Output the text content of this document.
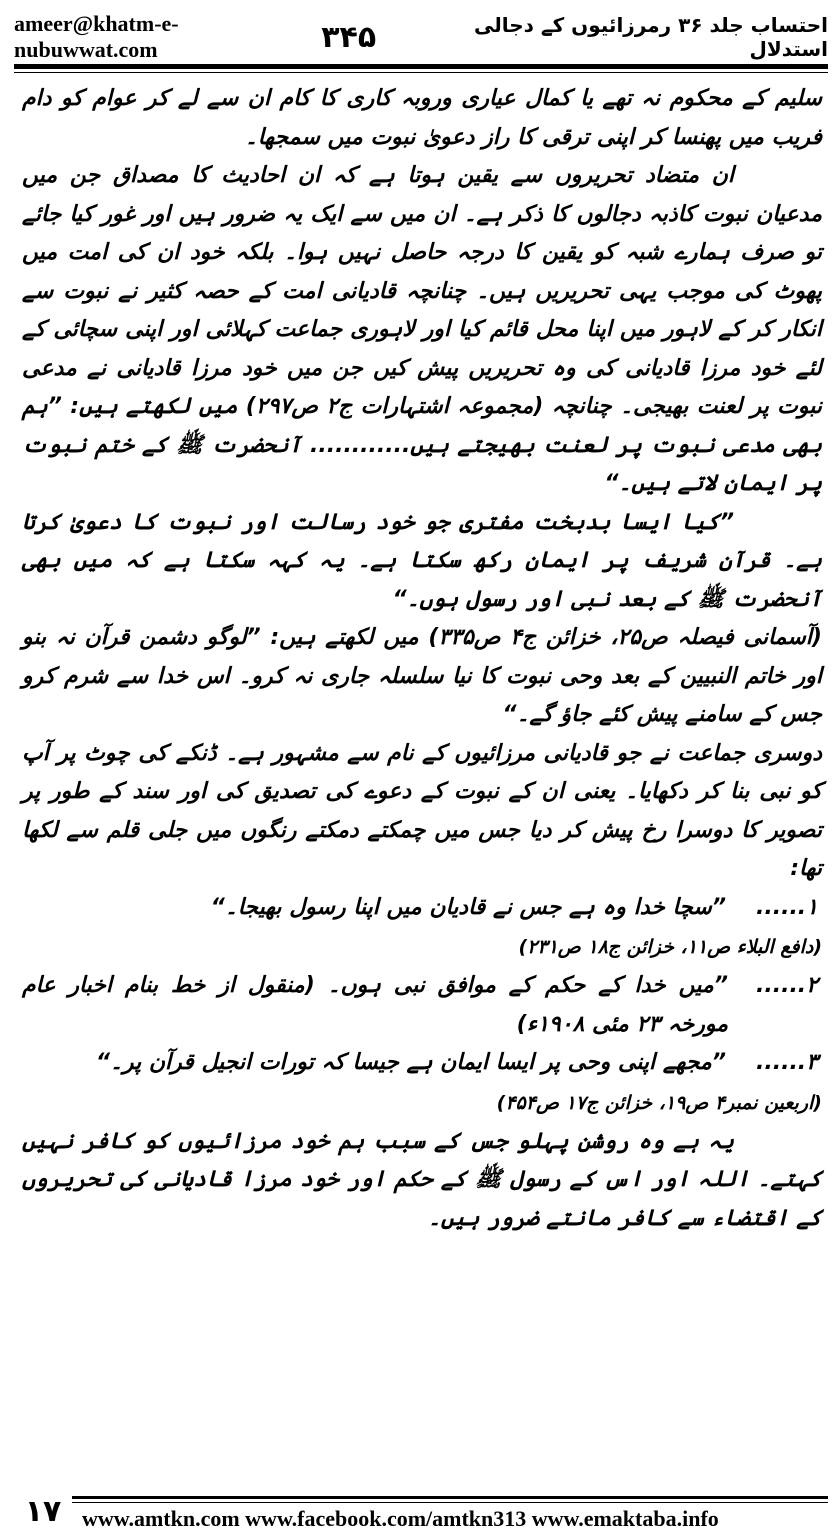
ameer@khatm-e-nubuwwat.com
احتساب جلد ۳۶ رمرزائیوں کے دجالی استدلال
۳۴۵

سلیم کے محکوم نہ تھے یا کمال عیاری وروبہ کاری کا کام ان سے لے کر عوام کو دام فریب میں پھنسا کر اپنی ترقی کا راز دعویٰ نبوت میں سمجھا۔

ان متضاد تحریروں سے یقین ہوتا ہے کہ ان احادیث کا مصداق جن میں مدعیان نبوت کاذبہ دجالوں کا ذکر ہے۔ ان میں سے ایک یہ ضرور ہیں اور غور کیا جائے تو صرف ہمارے شبہ کو یقین کا درجہ حاصل نہیں ہوا۔ بلکہ خود ان کی امت میں پھوٹ کی موجب یہی تحریریں ہیں۔ چنانچہ قادیانی امت کے حصہ کثیر نے نبوت سے انکار کر کے لاہور میں اپنا محل قائم کیا اور لاہوری جماعت کہلائی اور اپنی سچائی کے لئے خود مرزا قادیانی کی وہ تحریریں پیش کیں جن میں خود مرزا قادیانی نے مدعی نبوت پر لعنت بھیجی۔ چنانچہ (مجموعہ اشتہارات ج۲ ص۲۹۷) میں لکھتے ہیں: ”ہم بھی مدعی نبوت پر لعنت بھیجتے ہیں............ آنحضرت ﷺ کے ختم نبوت پر ایمان لاتے ہیں۔“

”کیا ایسا بدبخت مفتری جو خود رسالت اور نبوت کا دعویٰ کرتا ہے۔ قرآن شریف پر ایمان رکھ سکتا ہے۔ یہ کہہ سکتا ہے کہ میں بھی آنحضرت ﷺ کے بعد نبی اور رسول ہوں۔“

(آسمانی فیصلہ ص۲۵، خزائن ج۴ ص۳۳۵) میں لکھتے ہیں: ”لوگو دشمن قرآن نہ بنو اور خاتم النبیین کے بعد وحی نبوت کا نیا سلسلہ جاری نہ کرو۔ اس خدا سے شرم کرو جس کے سامنے پیش کئے جاؤ گے۔“

دوسری جماعت نے جو قادیانی مرزائیوں کے نام سے مشہور ہے۔ ڈنکے کی چوٹ پر آپ کو نبی بنا کر دکھایا۔ یعنی ان کے نبوت کے دعوے کی تصدیق کی اور سند کے طور پر تصویر کا دوسرا رخ پیش کر دیا جس میں چمکتے دمکتے رنگوں میں جلی قلم سے لکھا تھا:

۱......
”سچا خدا وہ ہے جس نے قادیان میں اپنا رسول بھیجا۔“

(دافع البلاء ص۱۱، خزائن ج۱۸ ص۲۳۱)

۲......
”میں خدا کے حکم کے موافق نبی ہوں۔ (منقول از خط بنام اخبار عام مورخہ ۲۳ مئی ۱۹۰۸ء)
۳......
”مجھے اپنی وحی پر ایسا ایمان ہے جیسا کہ تورات انجیل قرآن پر۔“

(اربعین نمبر۴ ص۱۹، خزائن ج۱۷ ص۴۵۴)

یہ ہے وہ روشن پہلو جس کے سبب ہم خود مرزائیوں کو کافر نہیں کہتے۔ اللہ اور اس کے رسول ﷺ کے حکم اور خود مرزا قادیانی کی تحریروں کے اقتضاء سے کافر مانتے ضرور ہیں۔

۱۷ www.amtkn.com www.facebook.com/amtkn313 www.emaktaba.info
